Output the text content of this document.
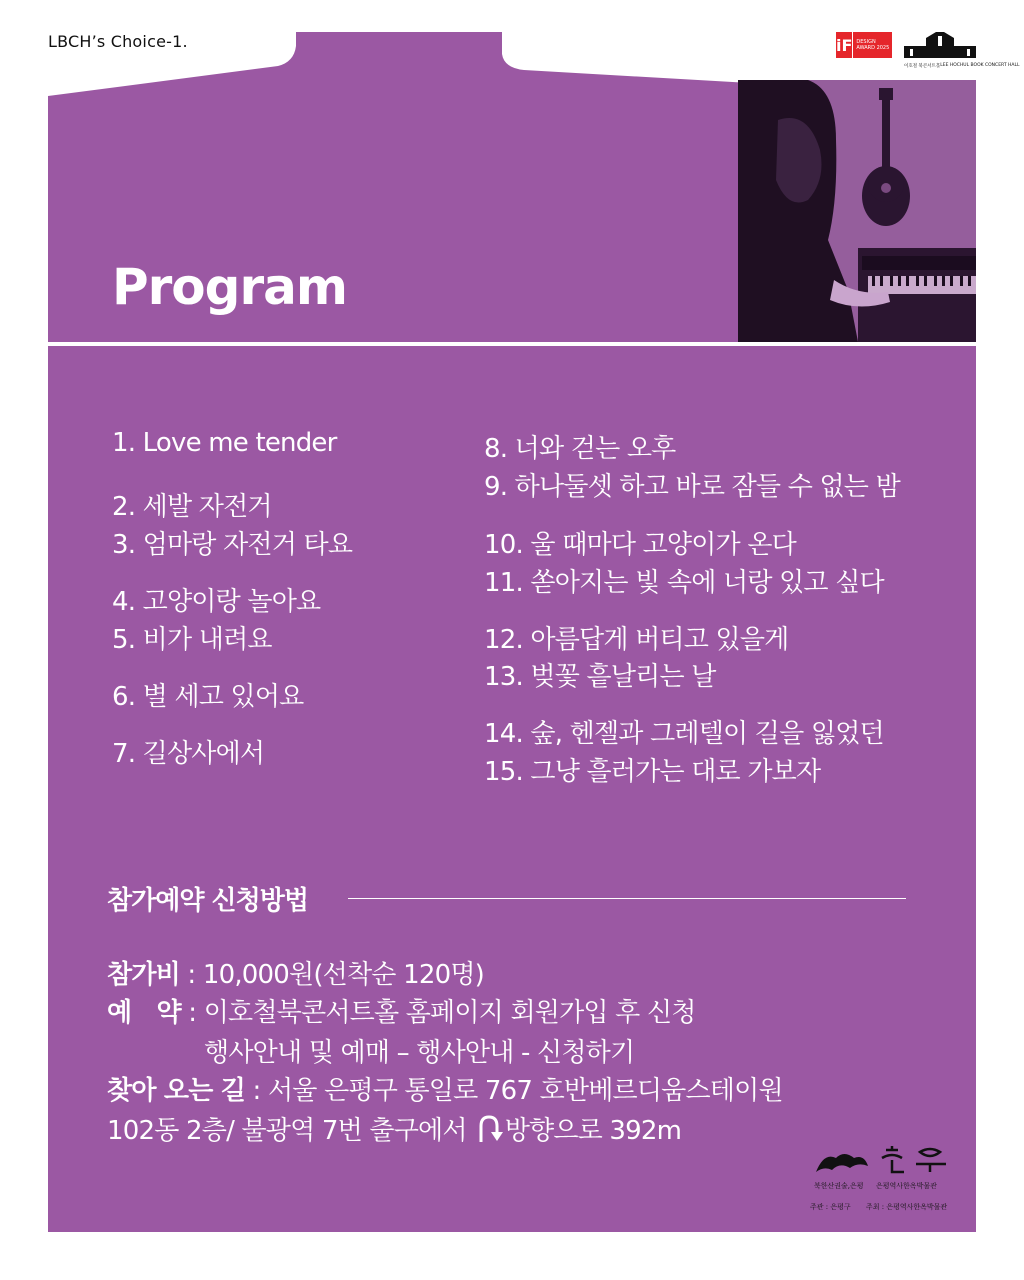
LBCH’s Choice-1.	iF DESIGN AWARD 2025
이호철 북콘서트홀 LEE HOCHUL BOOK CONCERT HALL
Program
1. Love me tender
2. 세발 자전거
3. 엄마랑 자전거 타요
4. 고양이랑 놀아요
5. 비가 내려요
6. 별 세고 있어요
7. 길상사에서
8. 너와 걷는 오후
9. 하나둘셋 하고 바로 잠들 수 없는 밤
10. 울 때마다 고양이가 온다
11. 쏟아지는 빛 속에 너랑 있고 싶다
12. 아름답게 버티고 있을게
13. 벚꽃 흩날리는 날
14. 숲, 헨젤과 그레텔이 길을 잃었던
15. 그냥 흘러가는 대로 가보자
참가예약 신청방법
참가비 : 10,000원(선착순 120명)
예　약 : 이호철북콘서트홀 홈페이지 회원가입 후 신청
행사안내 및 예매 – 행사안내 - 신청하기
찾아 오는 길 : 서울 은평구 통일로 767 호반베르디움스테이원
102동 2층/ 불광역 7번 출구에서 방향으로 392m
북한산권술,은평 은평역사한옥박물관
주관 : 은평구 주최 : 은평역사한옥박물관
